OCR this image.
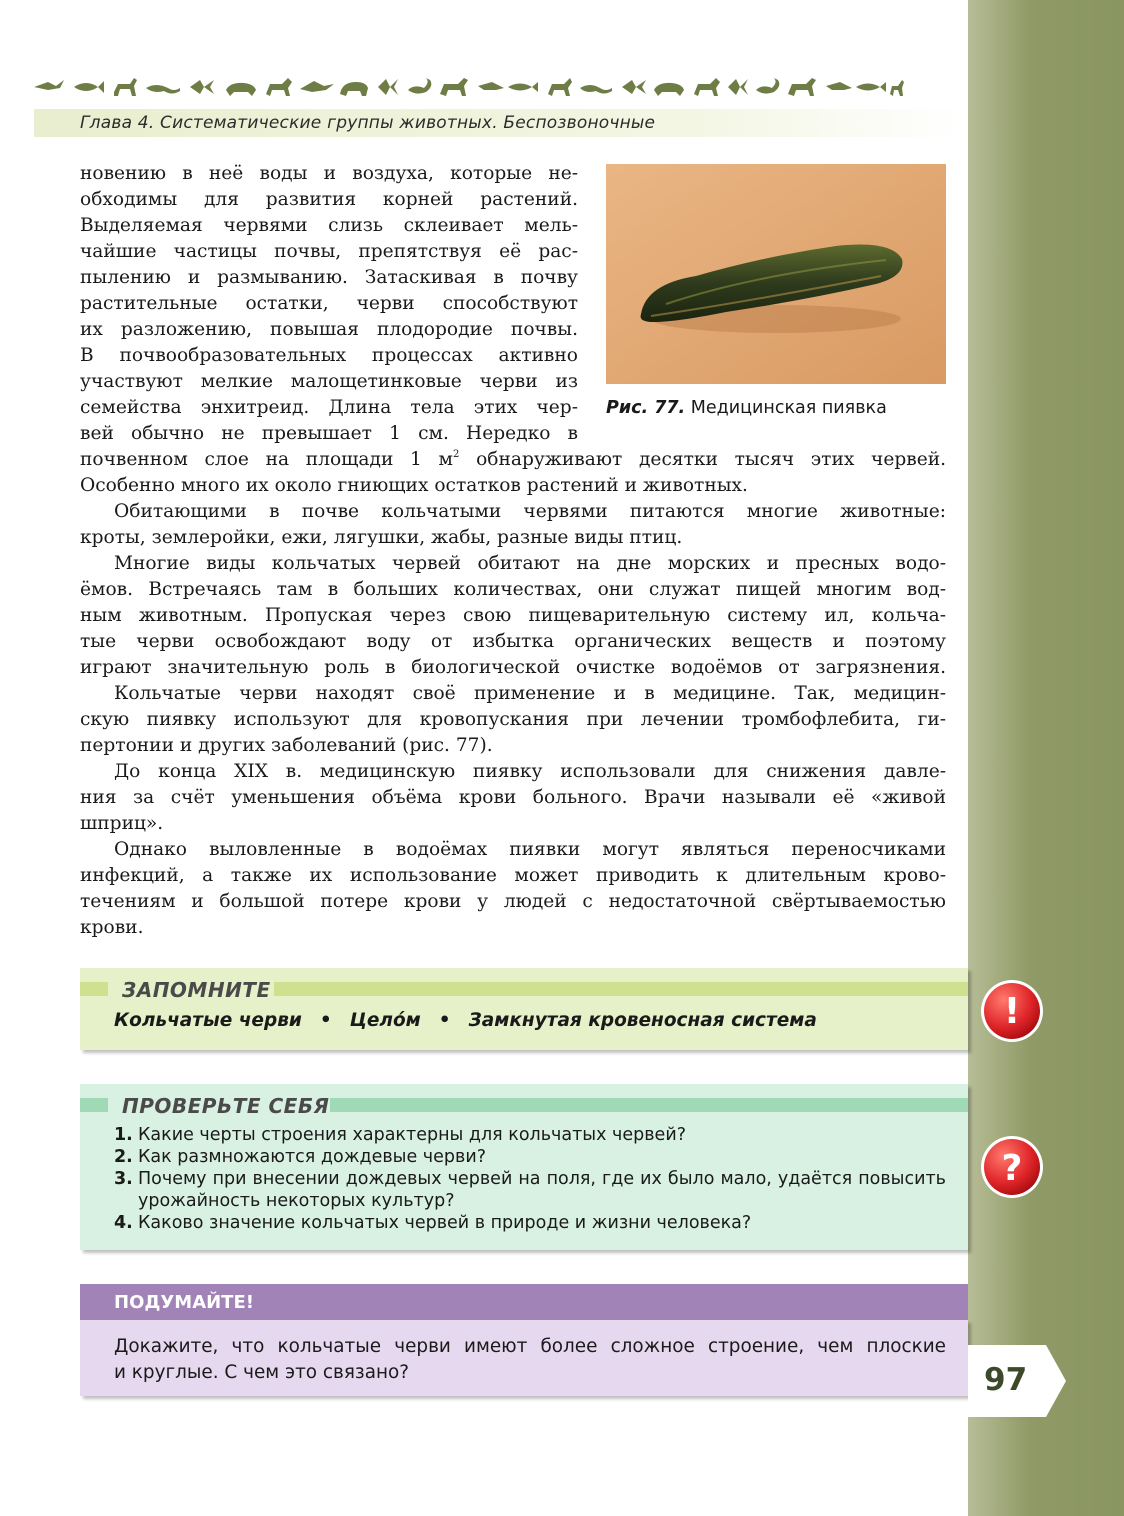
Глава 4. Систематические группы животных. Беспозвоночные
Рис. 77. Медицинская пиявка
новению в неё воды и воздуха, которые не-
обходимы для развития корней растений.
Выделяемая червями слизь склеивает мель-
чайшие частицы почвы, препятствуя её рас-
пылению и размыванию. Затаскивая в почву
растительные остатки, черви способствуют
их разложению, повышая плодородие почвы.
В почвообразовательных процессах активно
участвуют мелкие малощетинковые черви из
семейства энхитреид. Длина тела этих чер-
вей обычно не превышает 1 см. Нередко в
почвенном слое на площади 1 $м^2$ обнаруживают десятки тысяч этих червей.
Особенно много их около гниющих остатков растений и животных.
Обитающими в почве кольчатыми червями питаются многие животные:
кроты, землеройки, ежи, лягушки, жабы, разные виды птиц.
Многие виды кольчатых червей обитают на дне морских и пресных водо-
ёмов. Встречаясь там в больших количествах, они служат пищей многим вод-
ным животным. Пропуская через свою пищеварительную систему ил, кольча-
тые черви освобождают воду от избытка органических веществ и поэтому
играют значительную роль в биологической очистке водоёмов от загрязнения.
Кольчатые черви находят своё применение и в медицине. Так, медицин-
скую пиявку используют для кровопускания при лечении тромбофлебита, ги-
пертонии и других заболеваний (рис. 77).
До конца XIX в. медицинскую пиявку использовали для снижения давле-
ния за счёт уменьшения объёма крови больного. Врачи называли её «живой
шприц».
Однако выловленные в водоёмах пиявки могут являться переносчиками
инфекций, а также их использование может приводить к длительным крово-
течениям и большой потере крови у людей с недостаточной свёртываемостью
крови.
ЗАПОМНИТЕ
Кольчатые черви • Цело́м • Замкнутая кровеносная система
ПРОВЕРЬТЕ СЕБЯ
1. Какие черты строения характерны для кольчатых червей?
2. Как размножаются дождевые черви?
3. Почему при внесении дождевых червей на поля, где их было мало, удаётся повысить
урожайность некоторых культур?
4. Каково значение кольчатых червей в природе и жизни человека?
ПОДУМАЙТЕ!
Докажите, что кольчатые черви имеют более сложное строение, чем плоские
и круглые. С чем это связано?
!
?
97
